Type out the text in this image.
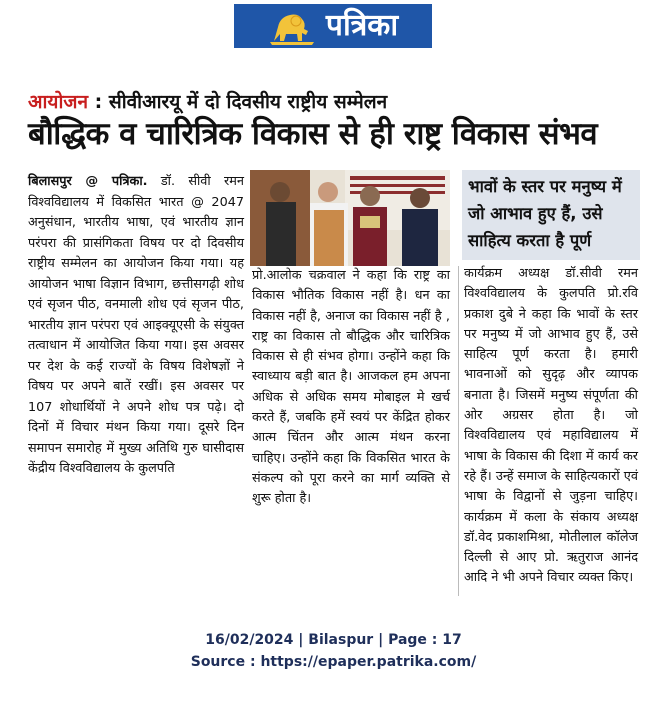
पत्रिका
आयोजन : सीवीआरयू में दो दिवसीय राष्ट्रीय सम्मेलन
बौद्धिक व चारित्रिक विकास से ही राष्ट्र विकास संभव
बिलासपुर @ पत्रिका. डॉ. सीवी रमन विश्वविद्यालय में विकसित भारत @ 2047 अनुसंधान, भारतीय भाषा, एवं भारतीय ज्ञान परंपरा की प्रासंगिकता विषय पर दो दिवसीय राष्ट्रीय सम्मेलन का आयोजन किया गया। यह आयोजन भाषा विज्ञान विभाग, छत्तीसगढ़ी शोध एवं सृजन पीठ, वनमाली शोध एवं सृजन पीठ, भारतीय ज्ञान परंपरा एवं आइक्यूएसी के संयुक्त तत्वाधान में आयोजित किया गया। इस अवसर पर देश के कई राज्यों के विषय विशेषज्ञों ने विषय पर अपने बातें रखीं। इस अवसर पर 107 शोधार्थियों ने अपने शोध पत्र पढ़े। दो दिनों में विचार मंथन किया गया। दूसरे दिन समापन समारोह में मुख्य अतिथि गुरु घासीदास केंद्रीय विश्वविद्यालय के कुलपति
प्रो.आलोक चक्रवाल ने कहा कि राष्ट्र का विकास भौतिक विकास नहीं है। धन का विकास नहीं है, अनाज का विकास नहीं है , राष्ट्र का विकास तो बौद्धिक और चारित्रिक विकास से ही संभव होगा। उन्होंने कहा कि स्वाध्याय बड़ी बात है। आजकल हम अपना अधिक से अधिक समय मोबाइल मे खर्च करते हैं, जबकि हमें स्वयं पर केंद्रित होकर आत्म चिंतन और आत्म मंथन करना चाहिए। उन्होंने कहा कि विकसित भारत के संकल्प को पूरा करने का मार्ग व्यक्ति से शुरू होता है।
भावों के स्तर पर मनुष्य में जो आभाव हुए हैं, उसे साहित्य करता है पूर्ण
कार्यक्रम अध्यक्ष डॉ.सीवी रमन विश्वविद्यालय के कुलपति प्रो.रवि प्रकाश दुबे ने कहा कि भावों के स्तर पर मनुष्य में जो आभाव हुए हैं, उसे साहित्य पूर्ण करता है। हमारी भावनाओं को सुदृढ़ और व्यापक बनाता है। जिसमें मनुष्य संपूर्णता की ओर अग्रसर होता है। जो विश्वविद्यालय एवं महाविद्यालय में भाषा के विकास की दिशा में कार्य कर रहे हैं। उन्हें समाज के साहित्यकारों एवं भाषा के विद्वानों से जुड़ना चाहिए। कार्यक्रम में कला के संकाय अध्यक्ष डॉ.वेद प्रकाशमिश्रा, मोतीलाल कॉलेज दिल्ली से आए प्रो. ऋतुराज आनंद आदि ने भी अपने विचार व्यक्त किए।
16/02/2024 | Bilaspur | Page : 17
Source : https://epaper.patrika.com/
